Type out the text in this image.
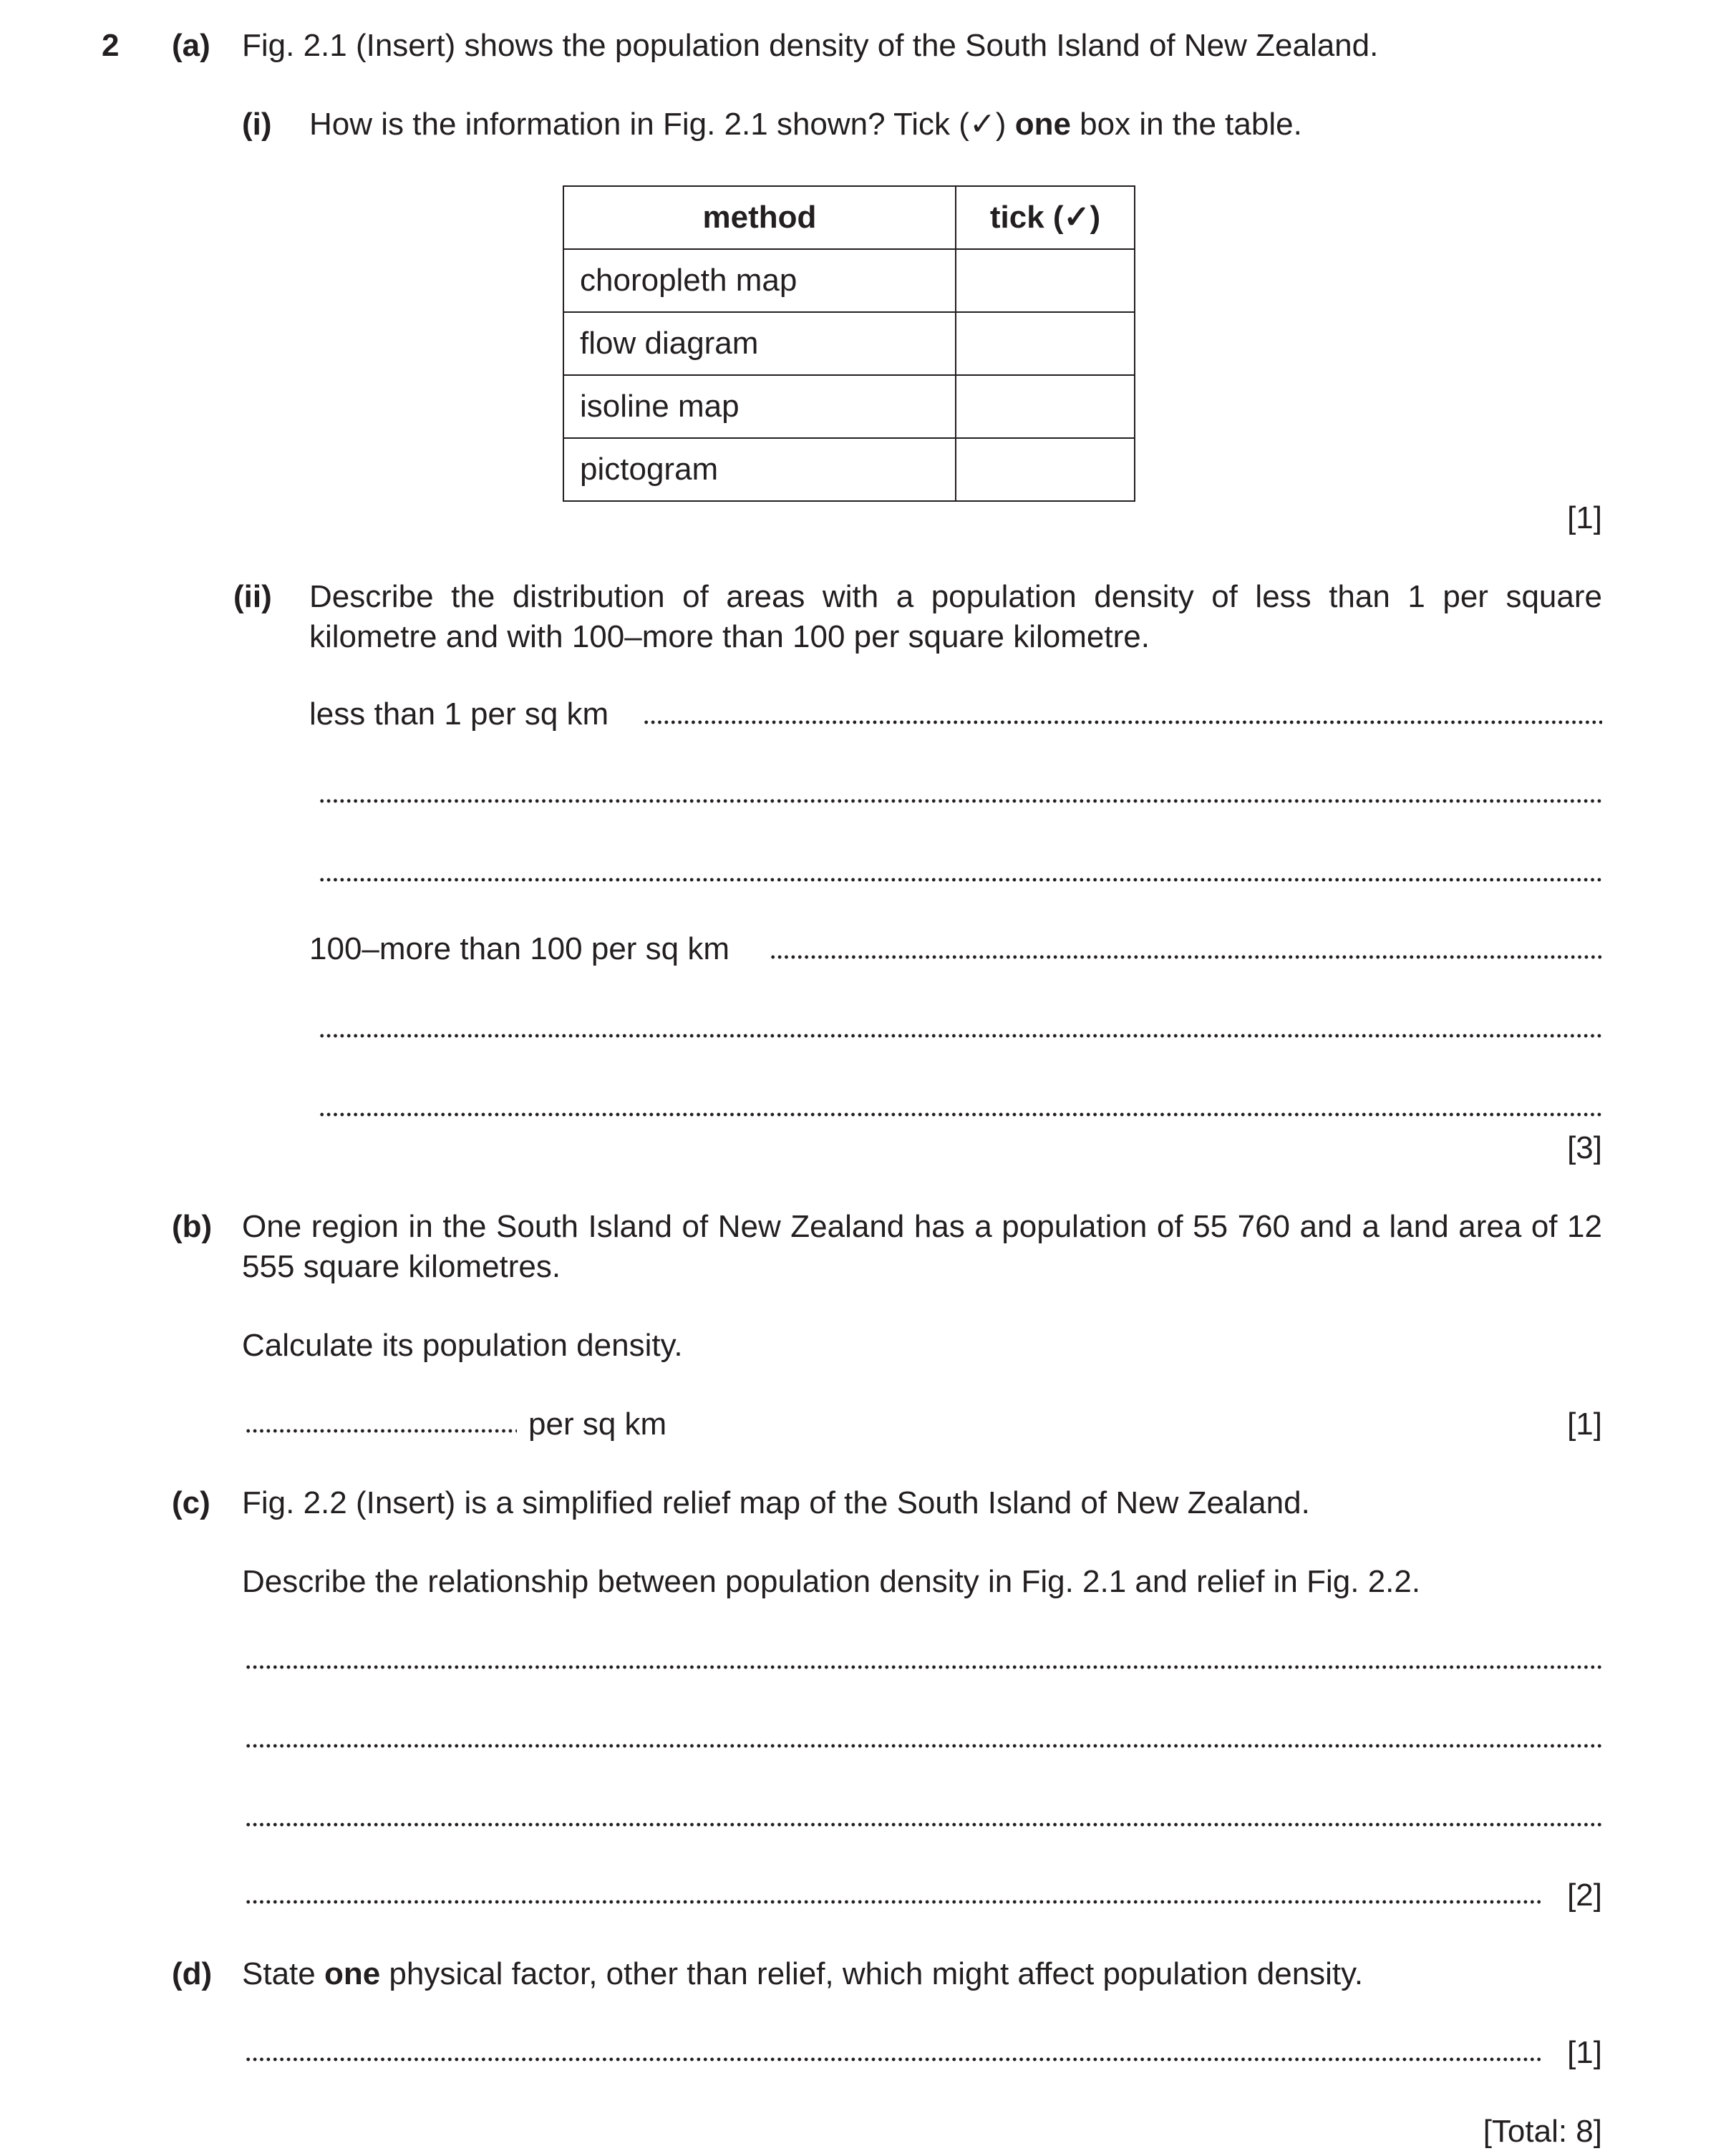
2 (a) Fig. 2.1 (Insert) shows the population density of the South Island of New Zealand.
(i) How is the information in Fig. 2.1 shown? Tick (✓) one box in the table.
method	tick (✓)
choropleth map	
flow diagram	
isoline map	
pictogram	
[1]
(ii) Describe the distribution of areas with a population density of less than 1 per square kilometre and with 100–more than 100 per square kilometre.
less than 1 per sq km
100–more than 100 per sq km
[3]
(b) One region in the South Island of New Zealand has a population of 55 760 and a land area of 12 555 square kilometres.
Calculate its population density.
per sq km	[1]
(c) Fig. 2.2 (Insert) is a simplified relief map of the South Island of New Zealand.
Describe the relationship between population density in Fig. 2.1 and relief in Fig. 2.2.
[2]
(d) State one physical factor, other than relief, which might affect population density.
[1]
[Total: 8]
